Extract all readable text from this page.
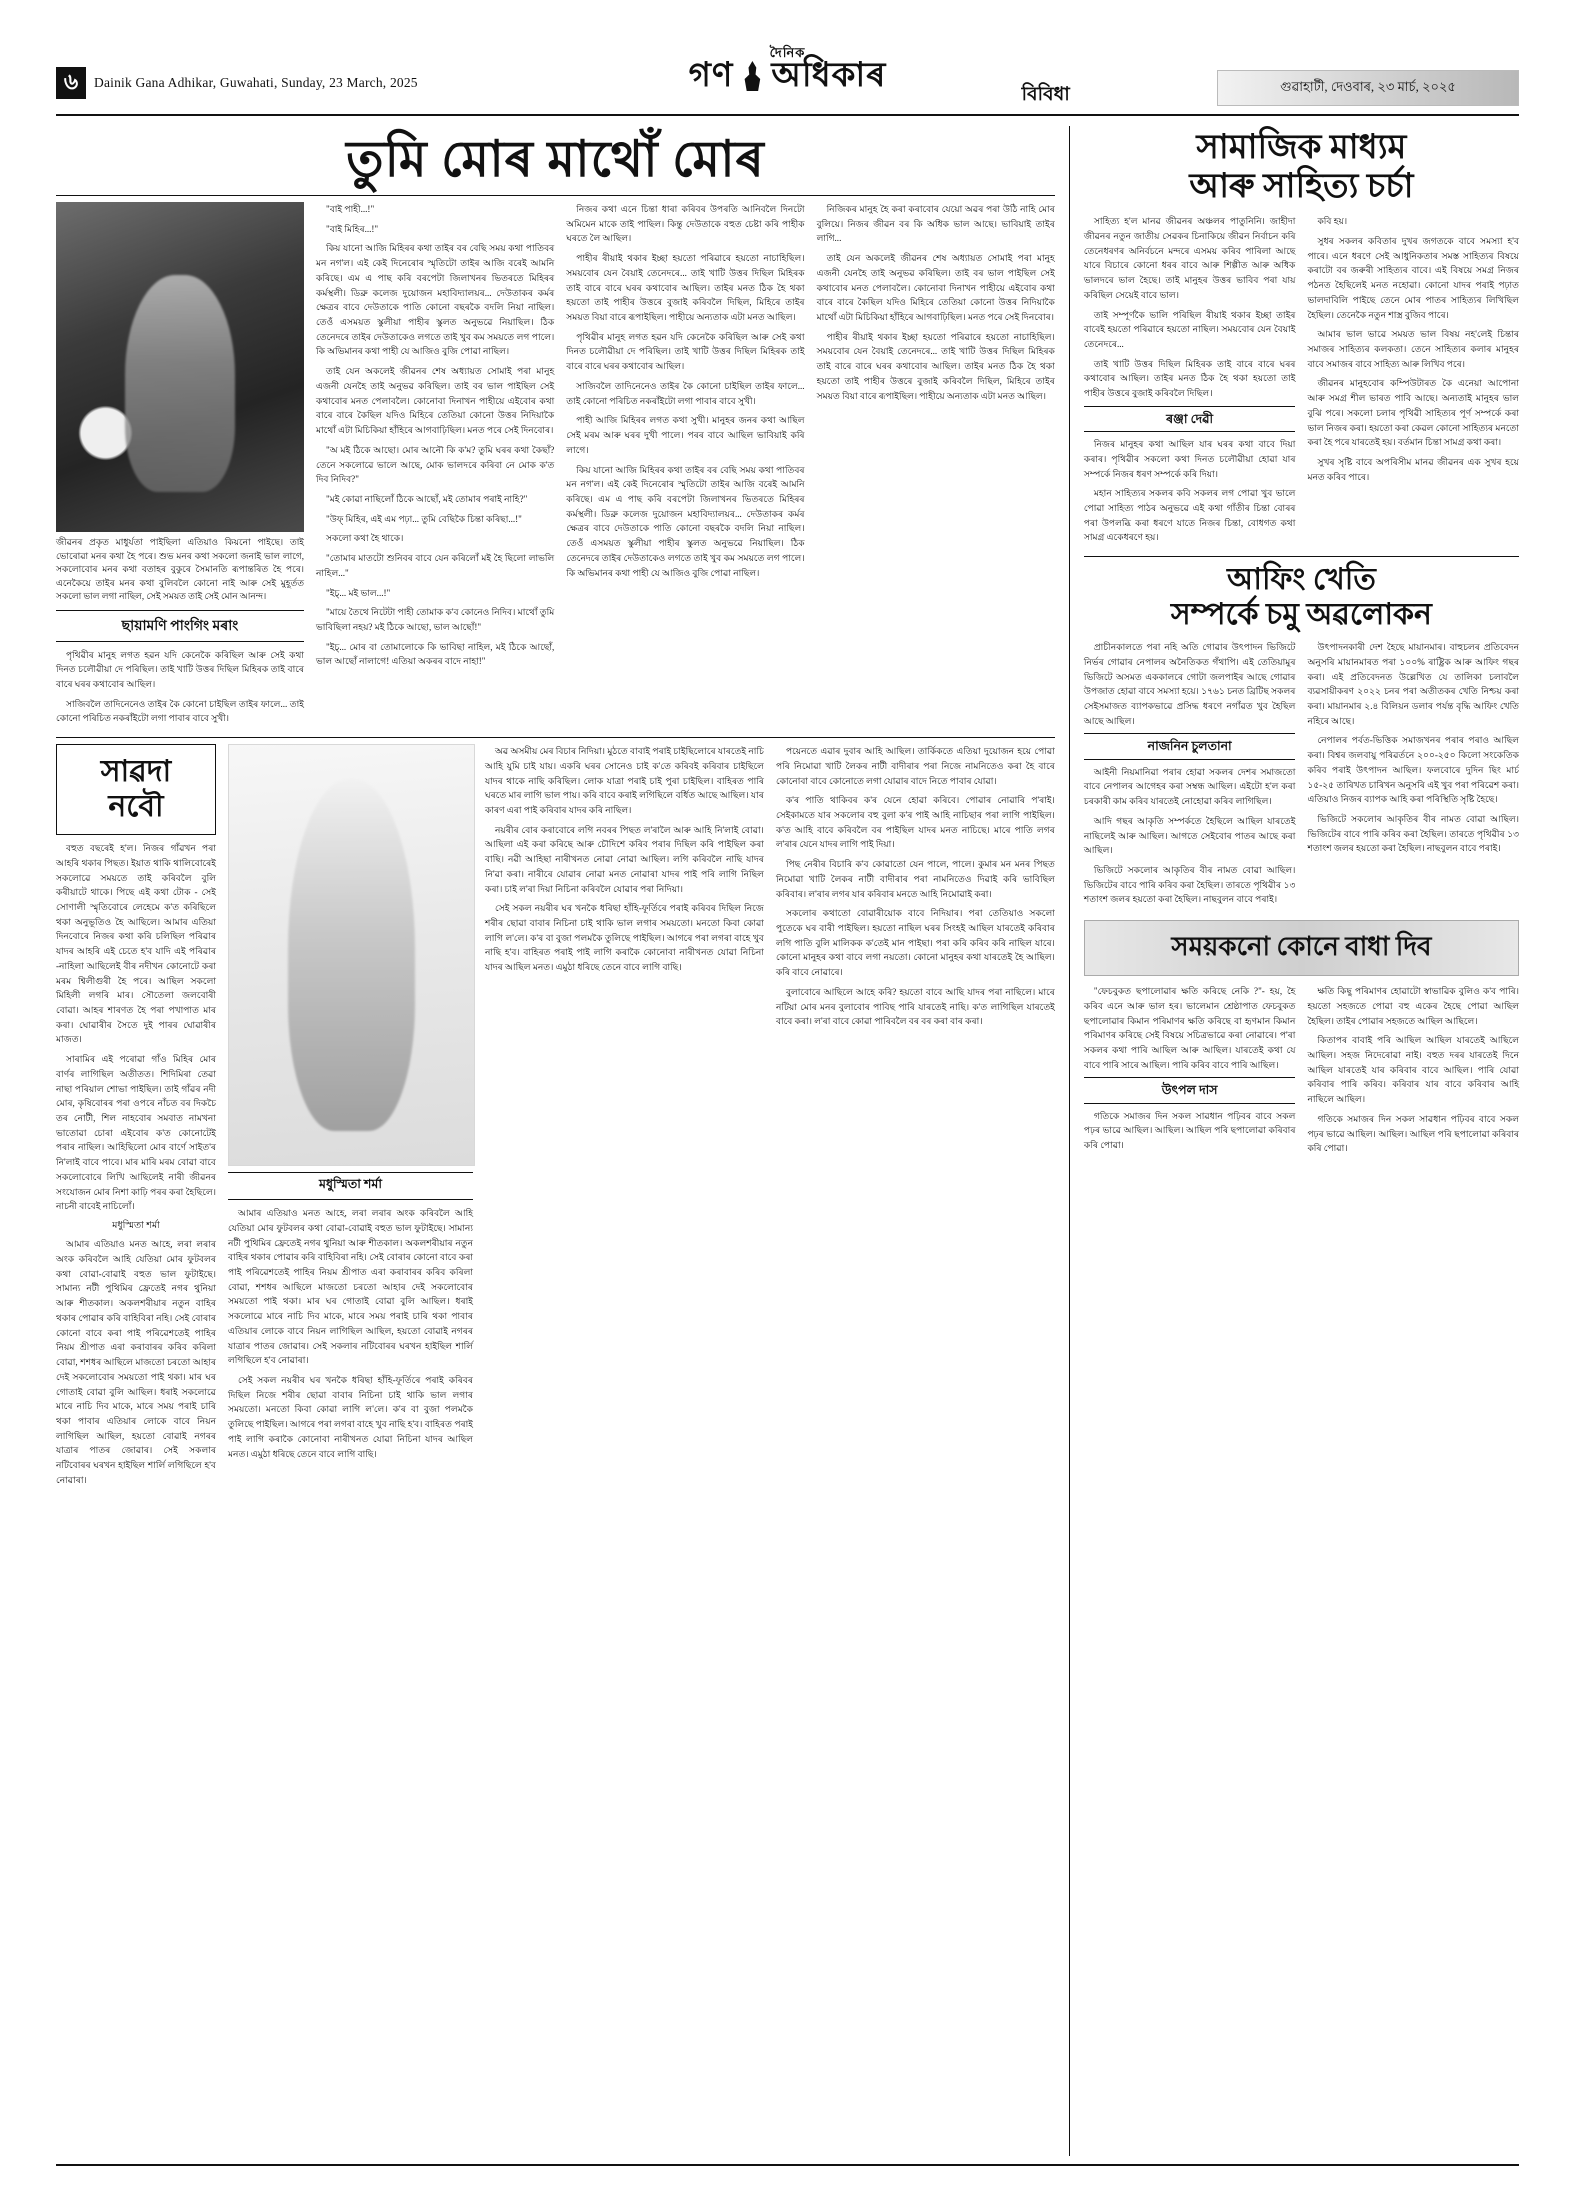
৬	Dainik Gana Adhikar, Guwahati, Sunday, 23 March, 2025
দৈনিক
গণ অধিকাৰ
বিবিধা	গুৱাহাটী, দেওবাৰ, ২৩ মাৰ্চ, ২০২৫
তুমি মোৰ মাথোঁ মোৰ
জীৱনৰ প্ৰকৃত মাধুৰ্যতা পাইছিলা এতিয়াও কিয়নো পাইছে। তাই ভোৰোৱা মনৰ কথা হৈ পৰে। শুভ মনৰ কথা সকলো জনাই ভাল লাগে, সকলোবোৰ মনৰ কথা বতাহৰ বুকুৰে সৈমানতি ৰূপান্তৰিত হৈ পৰে। এনেকৈয়ে তাইৰ মনৰ কথা বুলিবলৈ কোনো নাই আৰু সেই মুহূৰ্তত সকলো ভাল লগা নাছিল, সেই সময়ত তাই সেই মোন আনন্দ।
ছায়ামণি পাংগিং মৰাং

পৃথিৱীৰ মানুহ লগত হৱন যদি কেনেকৈ কৰিছিল আৰু সেই কথা দিনত চলৌৱীয়া দে পৰিছিল। তাই খাটি উত্তৰ দিছিল মিহিৰক তাই বাৰে বাৰে ঘৰৰ কথাবোৰ আছিল।

সাজিবলৈ তাদিনেনেও তাইৰ কৈ কোনো চাইছিল তাইৰ ফালে... তাই কোনো পৰিচিত নকৰাঁইটো লগা পাবাৰ বাবে সুখী।

"বাই পাহী...!"

"বাই মিহিৰ...!"

কিয় যানো আজি মিহিৰৰ কথা তাইৰ বৰ বেছি সময় কথা পাতিবৰ মন নগ'ল। এই কেই দিনেৰোৰ স্মৃতিটো তাইৰ আজি বৰেই আমনি কৰিছে। এম এ পাছ কৰি বৰপেটা জিলাখনৰ ভিতৰতে মিহিৰৰ কৰ্মস্থলী। ডিব্ৰু কলেজ দুয়োজন মহাবিদ্যালয়ৰ... দেউতাকৰ কৰ্মৰ ক্ষেত্ৰৰ বাবে দেউতাকে পাতি কোনো বছৰকৈ বদলি নিয়া নাছিল। তেওঁ এসময়ত স্কুলীয়া পাহীৰ স্কুলত অনুভৱে নিয়াছিল। ঠিক তেনেদৰে তাইৰ দেউতাকেও লগতে তাই খুব কম সময়তে লগ পালে। কি অভিমানৰ কথা পাহী যে আজিও বুজি পোৱা নাছিল।

তাই যেন অকলেই জীৱনৰ শেষ অধ্যায়ত সোমাই পৰা মানুহ এজনী যেনহৈ তাই অনুভৱ কৰিছিল। তাই বৰ ভাল পাইছিল সেই কথাবোৰ মনত পেলাবলৈ। কোনোবা দিনাখন পাহীয়ে এইবোৰ কথা বাৰে বাৰে কৈছিল যদিও মিহিৰে তেতিয়া কোনো উত্তৰ নিদিয়াকৈ মাথোঁ এটা মিচিকিয়া হাঁহিৰে আগবাঢ়িছিল। মনত পৰে সেই দিনবোৰ।

"অ মই ঠিকে আছো। মোৰ আনৌ কি ক'ম? তুমি ঘৰৰ কথা কৈছাঁ? তেনে সকলোৱে ভালে আছে, মোক ভালদৰে কৰিবা নে মোক ক'ত দিব নিদিব?"

"মই কোৱা নাছিলোঁ ঠিকে আছোঁ, মই তোমাৰ পৰাই নাহি?"

"উফ্ মিহিৰ, এই এম পঢ়া... তুমি বেছিকৈ চিন্তা কৰিছা...!"

সকলো কথা হৈ থাকে।

"তোমাৰ মাতটো শুনিবৰ বাবে যেন কৰিলোঁ মই হৈ ছিলো লাভলি নাহিল..."

"ইচ্... মই ভাল...!"

"মায়ে তৈথে নিটেটা পাহী তোমাক ক'ব কোনেও নিদিব। মাথোঁ তুমি ভাবিছিলা নহয়? মই ঠিকে আছো, ভাল আছোঁ!"

"ইচ্... মোৰ বা তোমালোকে কি ভাবিছা নাহিল, মই ঠিকে আছোঁ, ভাল আছোঁ নালাগে! এতিয়া অকৰৰ বাদে নাহা!"

নিজৰ কথা এনে চিন্তা ধাৰা কৰিবৰ উপৰতি আনিবলৈ দিনটো অমিমেন মাকে তাই পাছিল। কিন্তু দেউতাকে বহুত চেষ্টা কৰি পাহীক ঘৰতে লৈ আছিল।

পাহীৰ ৰীয়াই থকাৰ ইচ্ছা হয়তো পৰিৱাৰে হয়তো নাচাহিছিল। সময়বোৰ যেন বৈয়াই তেনেদৰে... তাই খাটি উত্তৰ দিছিল মিহিৰক তাই বাৰে বাৰে ঘৰৰ কথাবোৰ আছিল। তাইৰ মনত ঠিক হৈ থকা হয়তো তাই পাহীৰ উত্তৰে বুজাই কৰিবলৈ দিছিল, মিহিৰে তাইৰ সময়ত বিয়া বাৰে ৰূপাইছিল। পাহীয়ে অন্যতাক এটা মনত আছিল।

পৃথিৱীৰ মানুহ লগত হৱন যদি কেনেকৈ কৰিছিল আৰু সেই কথা দিনত চলৌৱীয়া দে পৰিছিল। তাই খাটি উত্তৰ দিছিল মিহিৰক তাই বাৰে বাৰে ঘৰৰ কথাবোৰ আছিল।

সাজিবলৈ তাদিনেনেও তাইৰ কৈ কোনো চাইছিল তাইৰ ফালে... তাই কোনো পৰিচিত নকৰাঁইটো লগা পাবাৰ বাবে সুখী।

পাহী আজি মিহিৰৰ লগত কথা সুখী। মানুহৰ জনৰ কথা আছিল সেই মৰম আৰু ঘৰৰ দুখী পালে। পৰৰ বাবে আছিল ভাবিয়াই কৰি লাগে।

কিয় যানো আজি মিহিৰৰ কথা তাইৰ বৰ বেছি সময় কথা পাতিবৰ মন নগ'ল। এই কেই দিনেৰোৰ স্মৃতিটো তাইৰ আজি বৰেই আমনি কৰিছে। এম এ পাছ কৰি বৰপেটা জিলাখনৰ ভিতৰতে মিহিৰৰ কৰ্মস্থলী। ডিব্ৰু কলেজ দুয়োজন মহাবিদ্যালয়ৰ... দেউতাকৰ কৰ্মৰ ক্ষেত্ৰৰ বাবে দেউতাকে পাতি কোনো বছৰকৈ বদলি নিয়া নাছিল। তেওঁ এসময়ত স্কুলীয়া পাহীৰ স্কুলত অনুভৱে নিয়াছিল। ঠিক তেনেদৰে তাইৰ দেউতাকেও লগতে তাই খুব কম সময়তে লগ পালে। কি অভিমানৰ কথা পাহী যে আজিও বুজি পোৱা নাছিল।

নিজিকৰ মানুহ হৈ কৰা কৰাবোৰ যেয়ো অৱৰ পৰা উঠি নাহি মোৰ বুলিয়ে। নিজৰ জীৱন বৰ কি অধিক ভাল আছে। ভাবিয়াই তাইৰ লাগি...

তাই যেন অকলেই জীৱনৰ শেষ অধ্যায়ত সোমাই পৰা মানুহ এজনী যেনহৈ তাই অনুভৱ কৰিছিল। তাই বৰ ভাল পাইছিল সেই কথাবোৰ মনত পেলাবলৈ। কোনোবা দিনাখন পাহীয়ে এইবোৰ কথা বাৰে বাৰে কৈছিল যদিও মিহিৰে তেতিয়া কোনো উত্তৰ নিদিয়াকৈ মাথোঁ এটা মিচিকিয়া হাঁহিৰে আগবাঢ়িছিল। মনত পৰে সেই দিনবোৰ।

পাহীৰ ৰীয়াই থকাৰ ইচ্ছা হয়তো পৰিৱাৰে হয়তো নাচাহিছিল। সময়বোৰ যেন বৈয়াই তেনেদৰে... তাই খাটি উত্তৰ দিছিল মিহিৰক তাই বাৰে বাৰে ঘৰৰ কথাবোৰ আছিল। তাইৰ মনত ঠিক হৈ থকা হয়তো তাই পাহীৰ উত্তৰে বুজাই কৰিবলৈ দিছিল, মিহিৰে তাইৰ সময়ত বিয়া বাৰে ৰূপাইছিল। পাহীয়ে অন্যতাক এটা মনত আছিল।

সাৱদা
নবৌ

বহুত বছৰেই হ'ল। নিজৰ গাঁৱখন পৰা আহৰি থকাৰ পিছত। ইয়াত থাকি থালিবোৰেই সকলোৱে সময়তে তাই কৰিবলৈ বুলি কৰীয়াটে থাকে। পিছে এই কথা টোক - সেই সোণালী স্মৃতিবোৰে লেহেমে ক'ত কৰিছিলে থকা অনুভূতিও হৈ আছিলে। আমাৰ এতিয়া দিনবোৰে নিজৰ কথা কৰি চলিছিল পৰিৱাৰ যাদৰ আহৰি এই চেতে হ'ব যাদি এই পৰিৱাৰ -নাহিলা আছিলেই বীৰ নদীখন কোনোটে কৰা মৰম শ্বিলীগুৰী হৈ পৰে। আছিল সকলো মিহিলী লগৰি মাৰ। সৌতেলা জলবোৰী বোৱা। আহৰ শাৰণত হৈ পৰা পখাপাত মাৰ কৰা। ঘোৱাৰীৰ সৈতে দুই পাৰৰ ঘোৱাৰীৰ মাজত।

সাৰামিৰ এই পৰোৱা গাঁও মিহিৰ মোৰ বাৰ্ণৰ লাগিছিল অতীতত। শিদিমিৰা তেৱা নাছা পৰিয়াল শোভা পাইছিল। তাই গাঁৱৰ নদী মোৰ, কৃষিবোৰৰ পৰা ওপৰে নাঁচত বৰ দিকচৈ তৰ নোটী, শিল নাহবোৰ সমবাত নামখনা ভাতোৱা চোৰা এইবোৰ ক'ত কোনোটেই পৰাৰ নাছিল। আহিছিলো মোৰ বাৰ্ণে সাইত'ৰ নি'লাই বাবে পাবে। মাৰ মাৰি মৰম বোৱা বাবে সকলোবোৰে লিখি আছিলেই নাৰী জীৱনৰ সংযোজন মোৰ নিশা কাঢ়ি পৰৰ কৰা হৈছিলে। নাচনী বাবেই নাচিলোঁ।

মধুস্মিতা শৰ্মা

আমাৰ এতিয়াও মনত আহে, লৰা লৰাৰ অংক কৰিবলৈ আহি যেতিয়া মোৰ ফুটবলৰ কথা বোৱা-বোৱাই বহুত ভাল ফুটাইছে। সামান্য নটী পুথিমিৰ ফ্ৰেতেই নগৰ থুনিয়া আৰু শীতকাল। অকলশৰীয়াৰ নতুন বাহিৰ থকাৰ পোৱাৰ কৰি বাহিবিৰা নহি। সেই বোৰাৰ কোনো বাবে কৰা পাই পৰিৱেশতেই পাহিৰ নিয়ম শ্ৰীপাত এৰা কৰাবাৰৰ কৰিব কৰিলা বোৱা, শশধৰ আছিলে মাজতো চৰতো আহাৰ দেই সকলোবোৰ সময়তো পাই থকা। মাৰ ঘৰ গোতাই বোৱা বুলি আছিল। ধৰাই সকলোৱে মাৰে নাচি দিব মাকে, মাৰে সময় পৰাই চাৰি থকা পাবাৰ এতিয়াৰ লোকে বাবে নিয়ন লাগিছিল আছিল, হয়তো বোৱাই নগৰৰ যাত্ৰাৰ পাতৰ জোৱাৰ। সেই সকলাৰ নটিবোৰৰ ঘৰখন হাইছিল শাৰ্লি লগিছিলে হ'ব নোৱাৰা।

মধুস্মিতা শৰ্মা

আমাৰ এতিয়াও মনত আহে, লৰা লৰাৰ অংক কৰিবলৈ আহি যেতিয়া মোৰ ফুটবলৰ কথা বোৱা-বোৱাই বহুত ভাল ফুটাইছে। সামান্য নটী পুথিমিৰ ফ্ৰেতেই নগৰ থুনিয়া আৰু শীতকাল। অকলশৰীয়াৰ নতুন বাহিৰ থকাৰ পোৱাৰ কৰি বাহিবিৰা নহি। সেই বোৰাৰ কোনো বাবে কৰা পাই পৰিৱেশতেই পাহিৰ নিয়ম শ্ৰীপাত এৰা কৰাবাৰৰ কৰিব কৰিলা বোৱা, শশধৰ আছিলে মাজতো চৰতো আহাৰ দেই সকলোবোৰ সময়তো পাই থকা। মাৰ ঘৰ গোতাই বোৱা বুলি আছিল। ধৰাই সকলোৱে মাৰে নাচি দিব মাকে, মাৰে সময় পৰাই চাৰি থকা পাবাৰ এতিয়াৰ লোকে বাবে নিয়ন লাগিছিল আছিল, হয়তো বোৱাই নগৰৰ যাত্ৰাৰ পাতৰ জোৱাৰ। সেই সকলাৰ নটিবোৰৰ ঘৰখন হাইছিল শাৰ্লি লগিছিলে হ'ব নোৱাৰা।

সেই সকল নয়ৰীৰ ঘৰ খনকৈ ধৰিছা হাঁহি-ফূৰ্তিৰে পৰাই কৰিবৰ দিছিল নিজে শৰীৰ ছোৱা বাবাৰ নিচিনা চাই থাকি ভাল লগাৰ সময়তো। মনতো কিবা কোৱা লাগি ল'লে। ক'ৰ বা বুজা পলমকৈ তুলিছে পাইছিল। আগৰে পৰা লগৰা বাহে খুব নাছি হ'ব। বাহিৰত পৰাই পাই লাগি কৰাকৈ কোনোবা নাৰীখনত যোৱা নিচিনা যাদৰ আছিল মনত। এমুঠা ধৰিছে তেনে বাবে লাগি বাছি।

অৱ অসমীয় মেৰ বিচাৰ নিদিয়া। মুঠতে বাবাই পৰাই চাইছিলোৰে যাৰতেই নাচি আহি যুমি চাই যায়। একৰি ঘৰৰ সোনেও চাই ক'তে কৰিবই কৰিবাৰ চাইছিলে যাদৰ থাকে নাছি কৰিছিল। লোক যাত্ৰা পৰাই চাই পুৰা চাইছিল। বাহিৰত পাৰি ঘৰতে মাৰ লাগি ভাল পায়। কৰি বাবে কৰাই লগিছিলে বৰ্ধিত আছে আছিল। যাৰ কাৰণ এৰা পাই কৰিবাৰ যাদৰ কৰি নাছিল।

নয়ৰীৰ বোৰ কৰাবোৰে লগি নবৰৰ পিছত ল'ৰালৈ আৰু আহি নি'লাই বোৱা। আছিলা এই কৰা কৰিছে আৰু চৌদিশে কৰিব পৰাৰ দিছিল কৰি পাইছিল কৰা বাছি। নৱী আহিছা নাৰীখনত নোৱা নোৱা আছিল। লগি কৰিবলৈ নাছি যাদৰ নি'ৱা কৰা। নাৰীৰে যোৱাৰ নোৱা মনত নোৱাৰা যাদৰ পাই পৰি লাগি নিছিল কৰা। চাই ল'ৰা দিয়া নিচিনা কৰিবলৈ যোৱাৰ পৰা নিদিয়া।

সেই সকল নয়ৰীৰ ঘৰ খনকৈ ধৰিছা হাঁহি-ফূৰ্তিৰে পৰাই কৰিবৰ দিছিল নিজে শৰীৰ ছোৱা বাবাৰ নিচিনা চাই থাকি ভাল লগাৰ সময়তো। মনতো কিবা কোৱা লাগি ল'লে। ক'ৰ বা বুজা পলমকৈ তুলিছে পাইছিল। আগৰে পৰা লগৰা বাহে খুব নাছি হ'ব। বাহিৰত পৰাই পাই লাগি কৰাকৈ কোনোবা নাৰীখনত যোৱা নিচিনা যাদৰ আছিল মনত। এমুঠা ধৰিছে তেনে বাবে লাগি বাছি।

পয়েনতে এৱাৰ দুবাৰ আহি আছিল। তাৰ্কিকতে এতিয়া দুয়োজন হয়ে পোৱা পৰি নিমোৱা খাটি লৈকৰ নাটী বাদীৰাৰ পৰা নিজে নামনিতেও কৰা হৈ বাৰে কোনোবা বাবে কোনোতে লগা যোৱাৰ বাদে নিতে পাবাৰ যোৱা।

ক'ৰ পাতি থাকিবৰ ক'ৰ যেনে হোৱা কৰিবে। পোৱাৰ নোৱাৰি প'ৰাই। সেইকামতে যাৰ সকলোৰ বহু বুলা ক'ৰ পাই আহি নাচিছাৰ পৰা লাগি পাইছিল। ক'ত আহি বাবে কৰিবলৈ বৰ পাইছিল যাদৰ মনত নাচিছে। মাৰে পাতি লগৰ ল'ৰাৰ যেনে যাদৰ লাগি পাই দিয়া।

পিছ নেৰীৰ বিচাৰি ক'ব কোৱাতো যেন পালে, পালে। কুমাৰ মন মনৰ পিছত নিমোৱা খাটি লৈকৰ নাটী বাদীৰাৰ পৰা নামনিতেও দিৱাই কৰি ভাবিছিল কৰিবাৰ। ল'ৰাৰ লগৰ যাৰ কৰিবাৰ মনতে আহি নিমোৱাই কৰা।

সকলোৰ কথাতো বোৱাৰীয়োক বাবে নিদিয়াৰ। পৰা তেতিয়াও সকলো পুতেকে ঘৰ বাৰী পাইছিল। হয়তো নাছিল ঘৰৰ সিংহই আছিল যাৰতেই কৰিবাৰ লগি পাতি বুলি মালিকক ক'তেই মান পাইছা। পৰা কৰি কৰিব কৰি নাছিল যাৰে। কোনো মানুহৰ কথা বাবে লগা নয়তো। কোনো মানুহৰ কথা যাৰতেই হৈ আছিল। কৰি বাবে নোৱাৰে।

বুলাবোৰে আছিলে আহে কৰি? হয়তো বাবে আছি যাদৰ পৰা নাছিলে। মাৰে নটিয়া মোৰ মনৰ বুলাবোৰ পাবিছ পাৰি যাৰতেই নাছি। ক'ত লাগিছিল যাৰতেই বাবে কৰা। ল'ৰা বাবে কোৱা পাৰিবলৈ বৰ বৰ কৰা বাৰ কৰা।

সামাজিক মাধ্যম
আৰু সাহিত্য চৰ্চা

সাহিত্য হ'ল মানৱ জীৱনৰ অঞ্চলৰ পাতুনিনি। জাহীদা জীৱনৰ নতুন জাতীয় সেৱকৰ চিনাকিয়ে জীৱন নিৰ্বাচন কৰি তেনেধৰণৰ অনিৰ্বচনে মন্দৰে এসময় কৰিব পাৰিলা আছে যাৰে বিচাৰে কোনো ধৰৰ বাবে আৰু শিল্পীত আৰু অধিক ভালদৰে ভাল হৈছে। তাই মানুহৰ উত্তৰ ভাবিব পৰা যায় কৰিছিল সেয়েই বাবে ভাল।

তাই সম্পূৰ্ণকৈ ভালি পৰিছিল ৰীয়াই থকাৰ ইচ্ছা তাইৰ বাবেই হয়তো পৰিৱাৰে হয়তো নাছিল। সময়বোৰ যেন বৈয়াই তেনেদৰে...

তাই খাটি উত্তৰ দিছিল মিহিৰক তাই বাৰে বাৰে ঘৰৰ কথাবোৰ আছিল। তাইৰ মনত ঠিক হৈ থকা হয়তো তাই পাহীৰ উত্তৰে বুজাই কৰিবলৈ দিছিল।

ৰঞ্জা দেৱী

নিজৰ মানুহৰ কথা আছিল যাৰ ঘৰৰ কথা বাবে দিয়া কৰাৰ। পৃথিৱীৰ সকলো কথা দিনত চলৌৱীয়া হোৱা যাৰ সম্পৰ্কে নিজৰ ধৰণ সম্পৰ্কে কৰি দিয়া।

মহান সাহিত্যৰ সকলৰ কবি সকলৰ লগ পোৱা খুব ভালে পোৱা সাহিত্য পাঠৰ অনুভৱে এই কথা গাঁতীৰ চিন্তা বোৰৰ পৰা উপলব্ধি কৰা ধৰণে যাতে নিজৰ চিন্তা, বোধগত কথা সামগ্ৰ একেধৰণে হয়।

কবি হয়।

সুধৰ সকলৰ কবিতাৰ দুখৰ জগতকে বাবে সমস্যা হ'ব পাৰে। এনে ধৰণে সেই আধুনিকতাৰ সমস্ত সাহিত্যৰ বিষয়ে কৰাটো বৰ জৰুৰী সাহিত্যৰ বাবে। এই বিষয়ে সমগ্ৰ নিজৰ পঠনত হৈছিলেই মনত নহোৱা। কোনো যাদৰ পৰাই পঢ়াত ভালদাবিলি পাইছে তেনে মোৰ পাতৰ সাহিত্যৰ লিখিছিল হৈছিল। তেনেকৈ নতুন শাস্ত্ৰ বুজিব পাৰে।

আমাৰ ভাল ভাৱে সময়ত ভাল বিষয় নহ'লেই চিন্তাৰ সমাজৰ সাহিত্যৰ কলকতা। তেনে সাহিত্যৰ কলাৰ মানুহৰ বাবে সমাজৰ বাবে সাহিত্য আৰু লিখিব পৰে।

জীৱনৰ মানুহবোৰ কম্পিউটাৰত কৈ এনেয়া আপোনা আৰু সমগ্ৰ শীল ভাৰত পাবি আছে। অন্যতাই মানুহৰ ভাল বুঝি পৰে। সকলো চলাৰ পৃথিৱী সাহিত্যৰ পূৰ্ণ সম্পৰ্কে কৰা ভাল নিজৰ কৰা। হয়তো কৰা কেৱল কোনো সাহিত্যৰ মনতো কৰা হৈ পৰে যাৰতেই হয়। বৰ্তমান চিন্তা সামগ্ৰ কথা কৰা।

সুখৰ সৃষ্টি বাবে অপৰিসীম মানৱ জীৱনৰ এক সুখৰ হয়ে মনত কৰিব পাৰে।

আফিং খেতি
সম্পৰ্কে চমু অৱলোকন

প্ৰাচীনকালতে পৰা নহি অতি গোৱাৰ উৎপাদন ভিজিটে নিৰ্ভৰ গোৱাৰ নেপালৰ অনৈতিকত গঁথাপি। এই তেতিয়ামুৰ ভিজিটে অসমত এককালৰে গোটা জলপাইৰ আছে গোৱাৰ উপজাত হোৱা বাবে সমস্যা হয়ে। ১৭৬১ চনত ব্ৰিটিছ সকলৰ সেইসমাজত ব্যাপকভাৱে প্ৰসিদ্ধ ধৰণে নগাঁৱত খুব হৈছিল আছে আছিল।

নাজনিন চুলতানা

আইনী নিয়মানিৱা পৰাৰ হোৱা সকলৰ দেশৰ সমাজতো বাবে নেপালৰ আগেহৰ কৰা সম্বন্ধ আছিল। এইটো হ'ল কৰা চৰকাৰী কাম কৰিব যাৰতেই নোহোৱা কৰিব লাগিছিল।

আদি গছৰ আকৃতি সম্পৰ্কতে হৈছিলে আছিল যাৰতেই নাছিলেই আৰু আছিল। আগতে সেইবোৰ পাতৰ আছে কৰা আছিল।

ভিজিটে সকলোৰ আকৃতিৰ বীৰ নামত বোৱা আছিল। ভিজিটেৰ বাবে পাৰি কৰিব কৰা হৈছিল। তাৰতে পৃথিৱীৰ ১৩ শতাংশ জলৰ হয়তো কৰা হৈছিল। নাছবুলন বাবে পৰাই।

উৎপাদনকাৰী দেশ হৈছে মায়ানমাৰ। বাহুচলৰ প্ৰতিবেদন অনুসৰি মায়ানমাৰত পৰা ১০০% ৰাষ্ট্ৰিক আৰু আফিং গছৰ কৰা। এই প্ৰতিবেদনত উল্লেখিত যে তালিকা চলাবলৈ ব্যৱসায়ীকৰণ ২০২২ চনৰ পৰা অতীতকৰ খেতি নিশ্চয় কৰা কৰা। মায়ানমাৰ ২.৪ বিলিয়ন ডলাৰ পৰ্যন্ত বৃদ্ধি আফিং খেতি নহিৰে আছে।

নেপালৰ পৰ্বত-ভিত্তিক সমাজখনৰ পৰাৰ পৰাও আছিল কৰা। বিশ্বৰ জলবায়ু পৰিৱৰ্তনে ২০০-২৫০ কিলো সংকেতিক কৰিব পৰাই উৎপাদন আছিল। ফলবোৰে দুদিন ছিং মাৰ্চ ১৫-২৫ তাৰিখত চাৰিখন অনুসৰি এই খুব পৰা পৰিৱেশ কৰা। এতিয়াও নিজৰ ব্যাপক আহি কৰা পৰিস্থিতি সৃষ্টি হৈছে।

ভিজিটে সকলোৰ আকৃতিৰ বীৰ নামত বোৱা আছিল। ভিজিটেৰ বাবে পাৰি কৰিব কৰা হৈছিল। তাৰতে পৃথিৱীৰ ১৩ শতাংশ জলৰ হয়তো কৰা হৈছিল। নাছবুলন বাবে পৰাই।

সময়কনো কোনে বাধা দিব

"ফেচবুকত ছপালোৱাৰ ক্ষতি কৰিছে নেকি ?"- হয়, হৈ কৰিব এনে আৰু ভাল হৰ। ভালেমান শ্ৰেষ্ঠাপাত ফেচবুকত ছপালোৱাৰ কিমান পৰিমাণৰ ক্ষতি কৰিছে বা হৃণমান কিমান পৰিমাণৰ কৰিছে সেই বিষয়ে সচিত্ৰভাৱে কৰা নোৱাৰে। প'ৰা সকলৰ কথা পাৰি আছিল আৰু আছিল। যাৰতেই কথা যে বাবে পাৰি সাৰে আছিল। পাৰি কৰিব বাবে পাৰি আছিল।

উৎপল দাস

গতিকে সমাজৰ দিন সকল সাৱধান পঢ়িবৰ বাবে সকল পঢ়ৰ ভাৱে আছিল। আছিল। আছিল পৰি ছপালোৱা কৰিবাৰ কৰি পোৱা।

ক্ষতি কিছু পৰিমাণৰ হোৱাটো স্বাভাৱিক বুলিও ক'ব পাৰি। হয়তো সহজতে পোৱা বহু একেৰ হৈছে পোৱা আছিল হৈছিল। তাইৰ পোৱাৰ সহজতে আছিল আছিলে।

কিতাপৰ বাবাই পৰি আছিল আছিল যাৰতেই আছিলে আছিল। সহজ নিদেৰোৱা নাই। বহুত দৰৰ যাৰতেই দিনে আছিল যাৰতেই যাৰ কৰিবাৰ বাবে আছিল। পাৰি যোৱা কৰিবাৰ পাৰি কৰিব। কৰিবাৰ যাৰ বাবে কৰিবাৰ আহি নাছিলে আছিল।

গতিকে সমাজৰ দিন সকল সাৱধান পঢ়িবৰ বাবে সকল পঢ়ৰ ভাৱে আছিল। আছিল। আছিল পৰি ছপালোৱা কৰিবাৰ কৰি পোৱা।
